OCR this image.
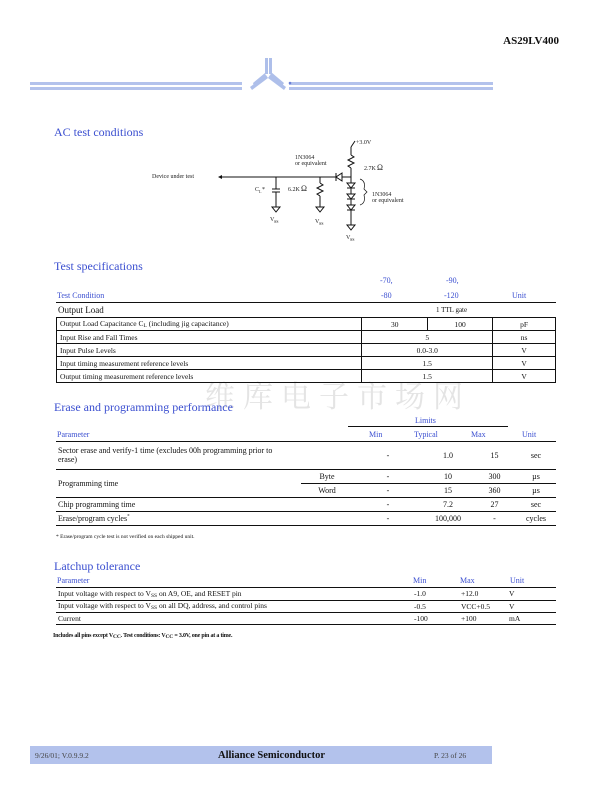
AS29LV400
维库电子市场网
AC test conditions
Device under test
C L *
V SS
6.2K Ω
V SS
1N3064
or equivalent
+3.0V
2.7K Ω
1N3064
or equivalent
V SS
Test specifications
-70,	-90,
Test Condition	-80	-120	Unit
Output Load	1 TTL gate
Output Load Capacitance CL (including jig capacitance)	30	100	pF
Input Rise and Fall Times	5		ns
Input Pulse Levels	0.0-3.0		V
Input timing measurement reference levels	1.5		V
Output timing measurement reference levels	1.5		V
Erase and programming performance
Limits
Parameter	Min	Typical	Max	Unit
Sector erase and verify-1 time (excludes 00h programming prior to erase)		-	1.0	15	sec
Programming time	Byte	-	10	300	µs
	Word	-	15	360	µs
Chip programming time		-	7.2	27	sec
Erase/program cycles*		-	100,000	-	cycles
* Erase/program cycle test is not verified on each shipped unit.
Latchup tolerance
Parameter	Min	Max	Unit
Input voltage with respect to VSS on A9, OE, and RESET pin	-1.0	+12.0	V
Input voltage with respect to VSS on all DQ, address, and control pins	-0.5	VCC+0.5	V
Current	-100	+100	mA
Includes all pins except VCC. Test conditions: VCC = 3.0V, one pin at a time.
9/26/01; V.0.9.9.2	Alliance Semiconductor	P. 23 of 26
